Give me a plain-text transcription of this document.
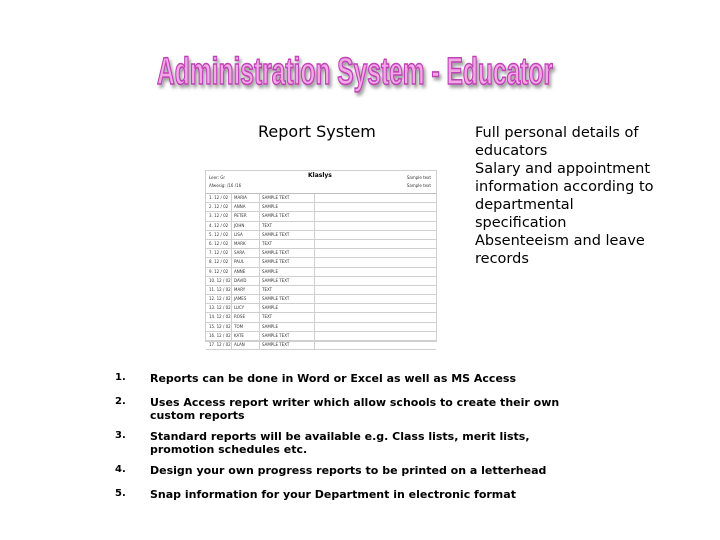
Administration System - Educator
Report System
Leer: Gr
Afwesig: /16 /16
Klaslys	Sample text
Sample text
1. 12 / 02 MARIA	SAMPLE TEXT
2. 12 / 02 ANNA	SAMPLE
3. 12 / 02 PETER	SAMPLE TEXT
4. 12 / 02 JOHN	TEXT
5. 12 / 02 LISA	SAMPLE TEXT
6. 12 / 02 MARK	TEXT
7. 12 / 02 SARA	SAMPLE TEXT
8. 12 / 02 PAUL	SAMPLE TEXT
9. 12 / 02 ANNE	SAMPLE
10. 12 / 02 DAVID	SAMPLE TEXT
11. 12 / 02 MARY	TEXT
12. 12 / 02 JAMES	SAMPLE TEXT
13. 12 / 02 LUCY	SAMPLE
14. 12 / 02 ROSE	TEXT
15. 12 / 02 TOM	SAMPLE
16. 12 / 02 KATE	SAMPLE TEXT
17. 12 / 02 ALAN	SAMPLE TEXT
Full personal details of
educators
Salary and appointment
information according to
departmental
specification
Absenteeism and leave
records
1. Reports can be done in Word or Excel as well as MS Access
2. Uses Access report writer which allow schools to create their own custom reports
3. Standard reports will be available e.g. Class lists, merit lists, promotion schedules etc.
4. Design your own progress reports to be printed on a letterhead
5. Snap information for your Department in electronic format
